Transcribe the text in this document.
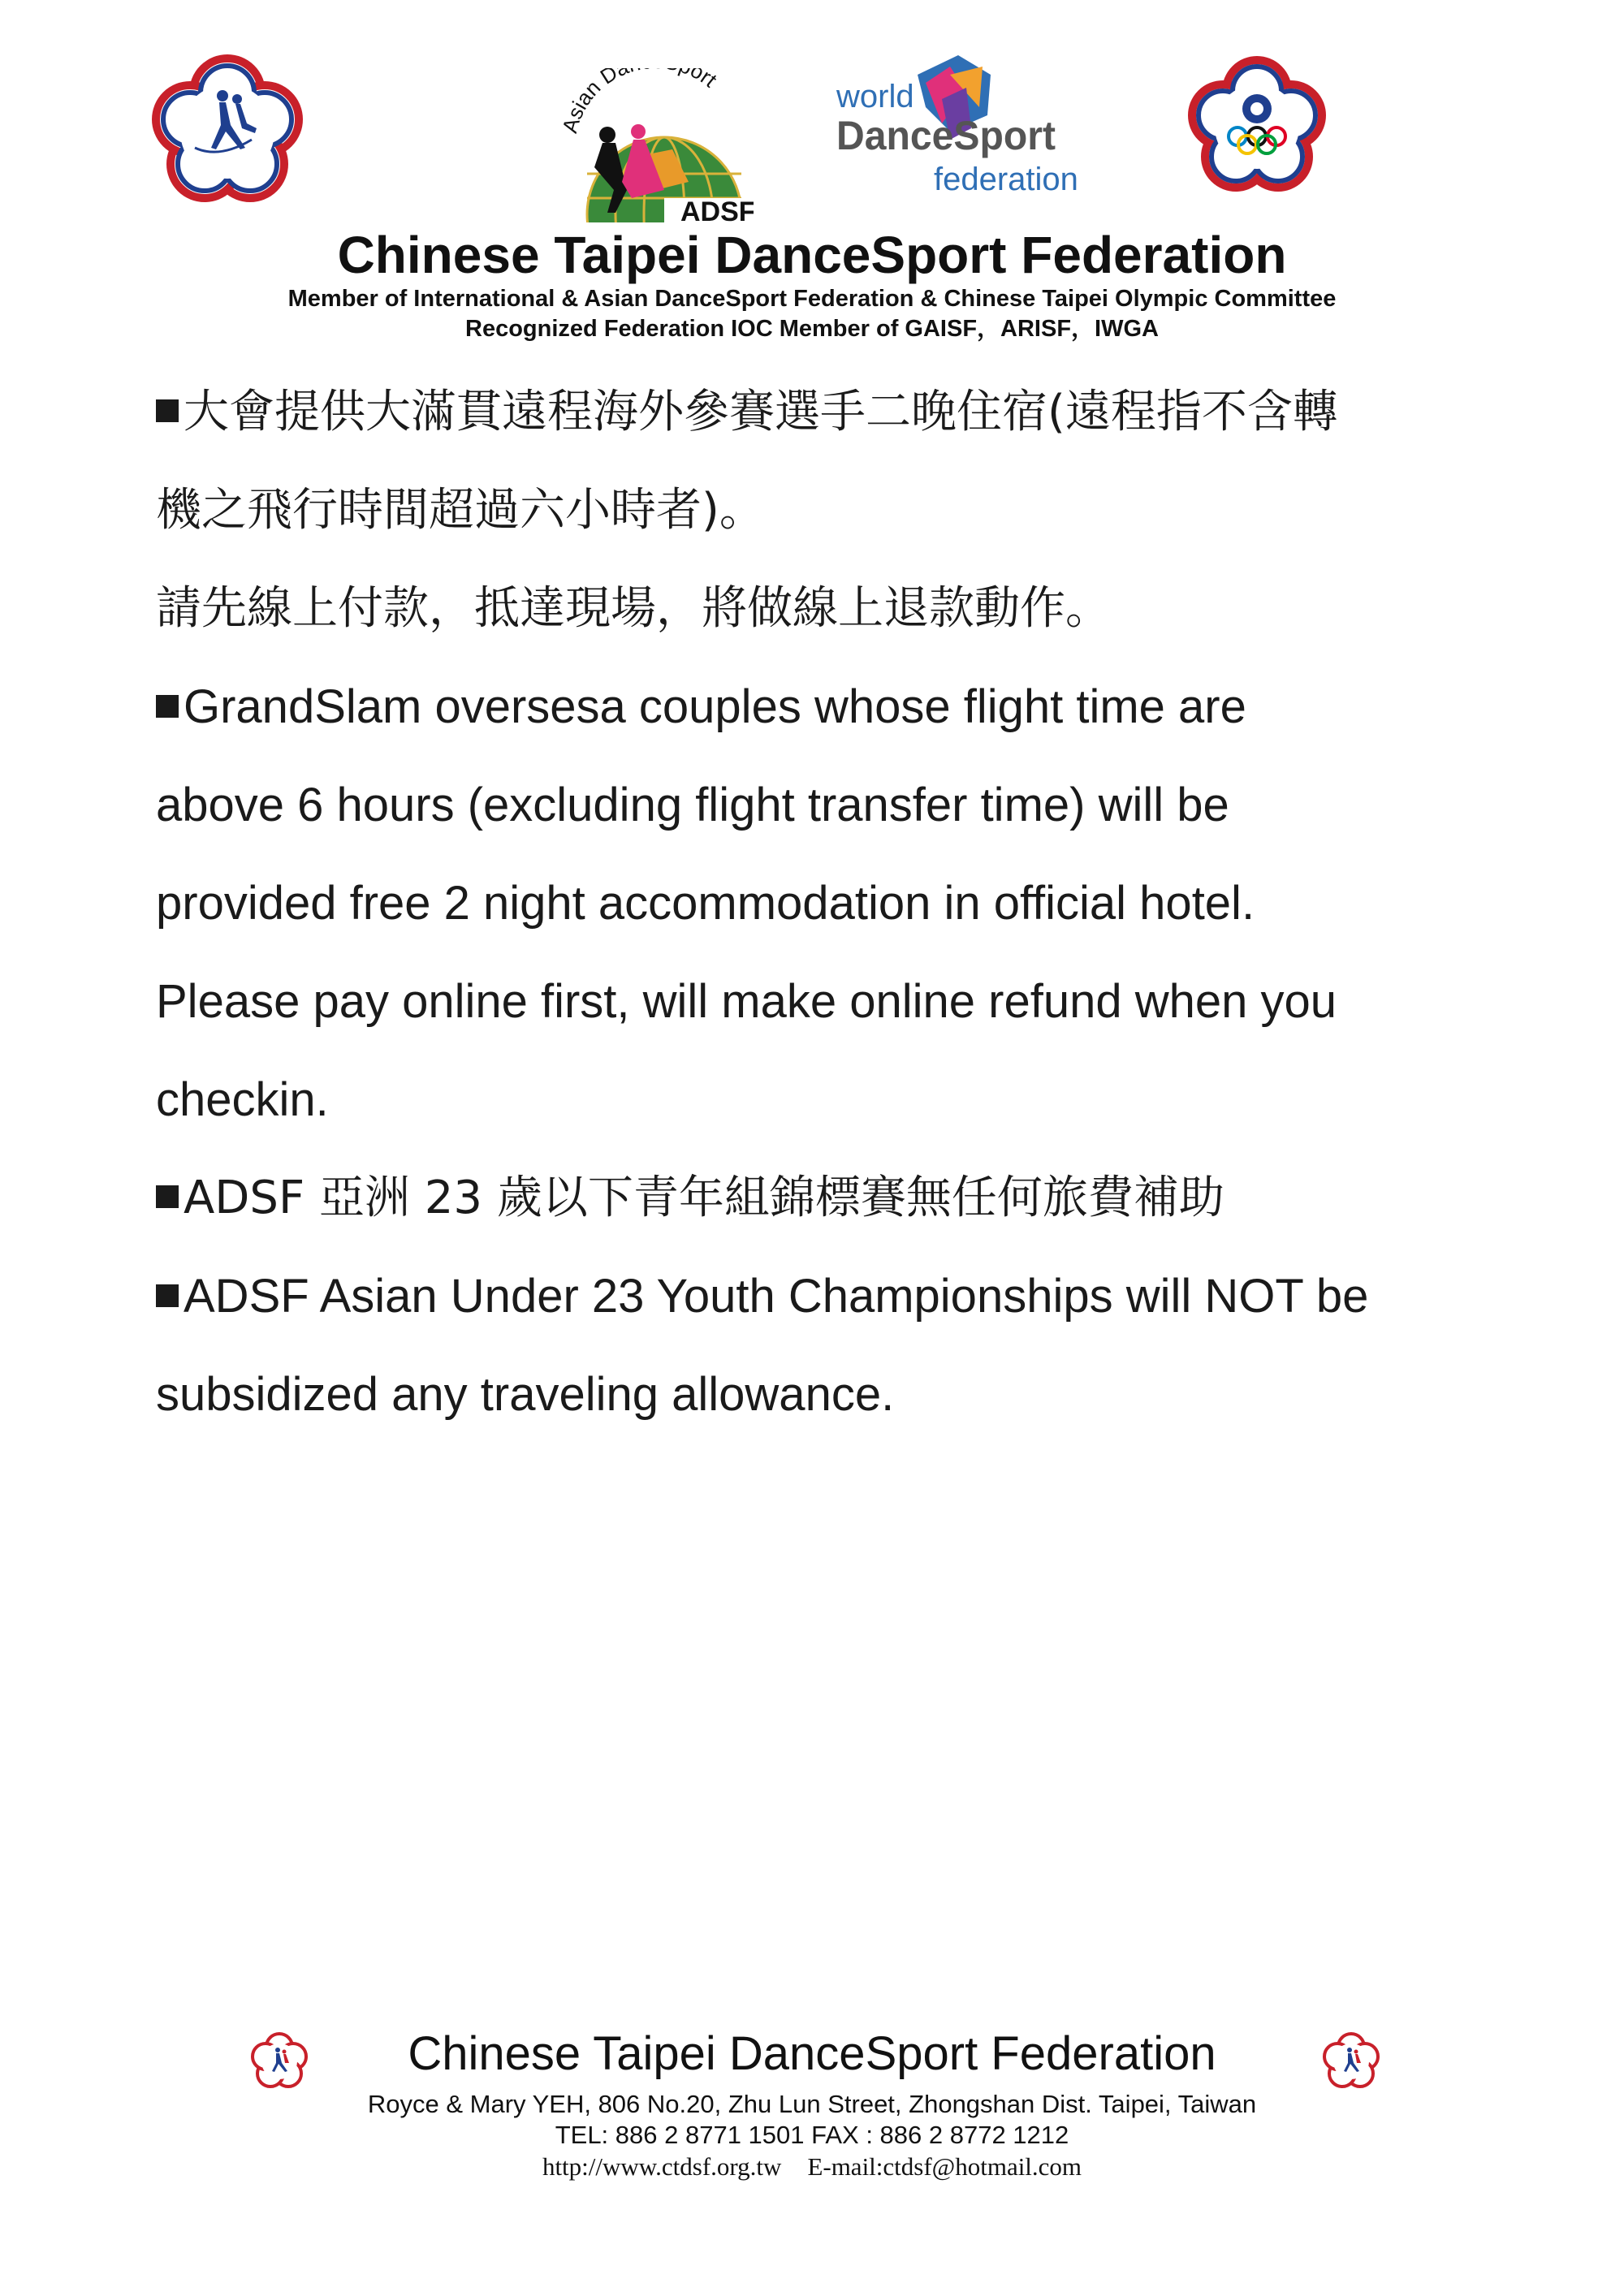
Asian D ort
ADSF
world
DanceSport
federation
Chinese Taipei DanceSport Federation
Member of International & Asian DanceSport Federation & Chinese Taipei Olympic Committee
Recognized Federation IOC Member of GAISF，ARISF，IWGA
大會提供大滿貫遠程海外參賽選手二晚住宿(遠程指不含轉
機之飛行時間超過六小時者)。
請先線上付款，抵達現場，將做線上退款動作。
GrandSlam oversesa couples whose flight time are
above 6 hours (excluding flight transfer time) will be
provided free 2 night accommodation in official hotel.
Please pay online first, will make online refund when you
checkin.
ADSF 亞洲 23 歲以下青年組錦標賽無任何旅費補助
ADSF Asian Under 23 Youth Championships will NOT be
subsidized any traveling allowance.
Chinese Taipei DanceSport Federation
Royce & Mary YEH, 806 No.20, Zhu Lun Street, Zhongshan Dist. Taipei, Taiwan
TEL: 886 2 8771 1501 FAX : 886 2 8772 1212
http://www.ctdsf.org.tw E-mail:ctdsf@hotmail.com
